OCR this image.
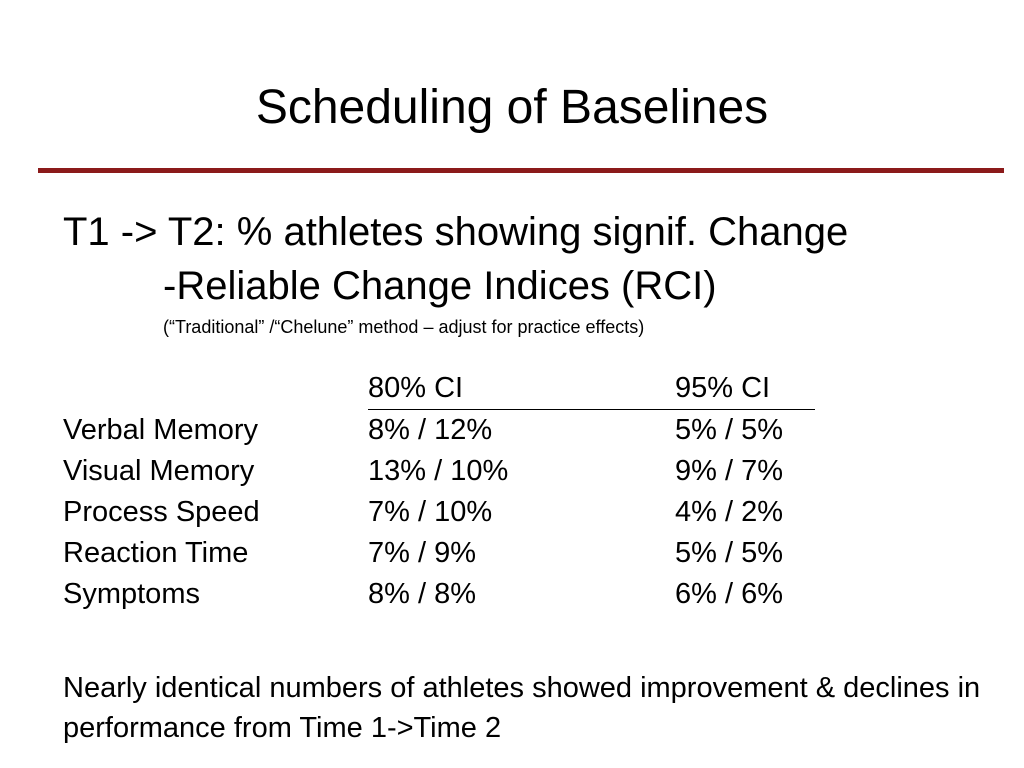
Scheduling of Baselines
T1 -> T2: % athletes showing signif. Change
-Reliable Change Indices (RCI)
(“Traditional” /“Chelune” method – adjust for practice effects)
	80% CI	95% CI
Verbal Memory	8% / 12%	5% / 5%
Visual Memory	13% / 10%	9% / 7%
Process Speed	7% / 10%	4% / 2%
Reaction Time	7% / 9%	5% / 5%
Symptoms	8% / 8%	6% / 6%

Nearly identical numbers of athletes showed improvement & declines in performance from Time 1->Time 2
